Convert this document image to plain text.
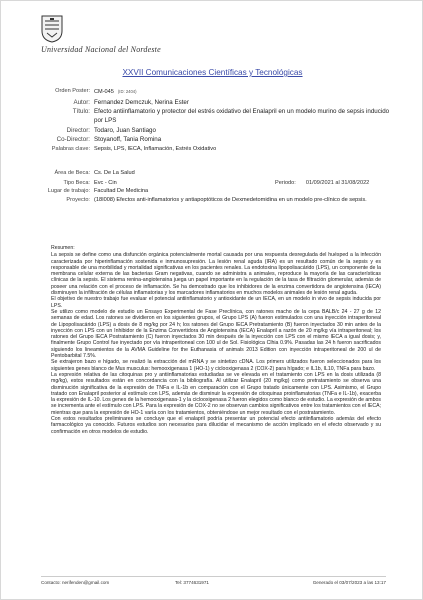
Universidad Nacional del Nordeste
XXVII Comunicaciones Científicas y Tecnológicas
Orden Poster: CM-045 (ID: 2404)
Autor: Fernandez Demczuk, Nerina Ester
Título: Efecto antiinflamatorio y protector del estrés oxidativo del Enalapril en un modelo murino de sepsis inducido por LPS
Director: Todaro, Juan Santiago
Co-Director: Stoyanoff, Tania Romina
Palabras clave: Sepsis, LPS, IECA, Inflamación, Estrés Oxidativo
Área de Beca: Cs. De La Salud
Tipo Beca: Evc - Cin	Periodo: 01/09/2021 al 31/08/2022
Lugar de trabajo: Facultad De Medicina
Proyecto: (18I008) Efectos anti-inflamatorios y antiapoptóticos de Dexmedetomidina en un modelo pre-clínico de sepsis.
Resumen:

La sepsis se define como una disfunción orgánica potencialmente mortal causada por una respuesta desregulada del huésped a la infección caracterizada por hiperinflamación sostenida e inmunosupresión. La lesión renal aguda (IRA) es un resultado común de la sepsis y es responsable de una morbilidad y mortalidad significativas en los pacientes renales. La endotoxina lipopolisacárido (LPS), un componente de la membrana celular externa de las bacterias Gram negativas, cuando se administra a animales, reproduce la mayoría de las características clínicas de la sepsis. El sistema renina-angiotensina juega un papel importante en la regulación de la tasa de filtración glomerular, además de poseer una relación con el proceso de inflamación. Se ha demostrado que los inhibidores de la enzima convertidora de angiotensina (IECA) disminuyen la infiltración de células inflamatorias y los marcadores inflamatorios en muchos modelos animales de lesión renal aguda.

El objetivo de nuestro trabajo fue evaluar el potencial antiinflamatorio y antioxidante de un IECA, en un modelo in vivo de sepsis inducida por LPS.

Se utilizo como modelo de estudio un Ensayo Experimental de Fase Preclínica, con ratones macho de la cepa BALB/c 24 - 27 g de 12 semanas de edad. Los ratones se dividieron en los siguientes grupos, el Grupo LPS (A) fueron estimulados con una inyección intraperitoneal de Lipopolisacárido (LPS) a dosis de 8 mg/kg por 24 h; los ratones del Grupo IECA Pretratamiento (B) fueron inyectados 30 min antes de la inyección con LPS con un Inhibidor de la Enzima Convertidora de Angiotensina (IECA) Enalapril a razón de 20 mg/kg vía intraperitoneal; los ratones del Grupo IECA Postratamiento (C) fueron inyectados 30 min después de la inyección con LPS con el mismo IECA a igual dosis; y, finalmente Grupo Control fue inyectado por vía intraperitoneal con 100 ul de Sol. Fisiológica Clhia 0.9%. Pasadas las 24 h fueron sacrificados siguiendo los lineamientos de la AVMA Guideline for the Euthanasia of animals 2013 Edition con inyección intraperitoneal de 200 ul de Pentobarbital 7.5%.

Se extrajeron bazo e hígado, se realizó la extracción del mRNA y se sintetizo cDNA. Los primers utilizados fueron seleccionados para los siguientes genes blanco de Mus musculus: hemooxigenasa 1 (HO-1) y ciclooxigenasa 2 (COX-2) para hígado; e IL1b, IL10, TNFa para bazo.

La expresión relativa de las citoquinas pro y antiinflamatorias estudiadas se ve elevada en el tratamiento con LPS en la dosis utilizada (8 mg/kg), estos resultados están en concordancia con la bibliografía. Al utilizar Enalapril (20 mg/kg) como pretratamiento se observa una disminución significativa de la expresión de TNFa e IL-1b en comparación con el Grupo tratado únicamente con LPS. Asimismo, el Grupo tratado con Enalapril posterior al estímulo con LPS, además de disminuir la expresión de citoquinas proinflamatorias (TNFa e IL-1b), exacerba la expresión de IL-10. Los genes de la hemooxigenasa-1 y la ciclooxigenasa 2 fueron elegidos como blanco de estudio. La expresión de ambos se incrementa ante el estímulo con LPS. Para la expresión de COX-2 no se observan cambios significativos entre los tratamientos con el IECA; mientras que para la expresión de HO-1 varía con los tratamientos, obteniéndose un mejor resultado con el postratamiento.

Con estos resultados preliminares se concluye que el enalapril podría presentar un potencial efecto antiinflamatorio además del efecto farmacológico ya conocido. Futuros estudios son necesarios para dilucidar el mecanismo de acción implicado en el efecto observado y su confirmación en otros modelos de estudio.

Contacto: nerifenden@gmail.com	Tel: 3774631971	Generado el 03/07/2023 a las 13:17
